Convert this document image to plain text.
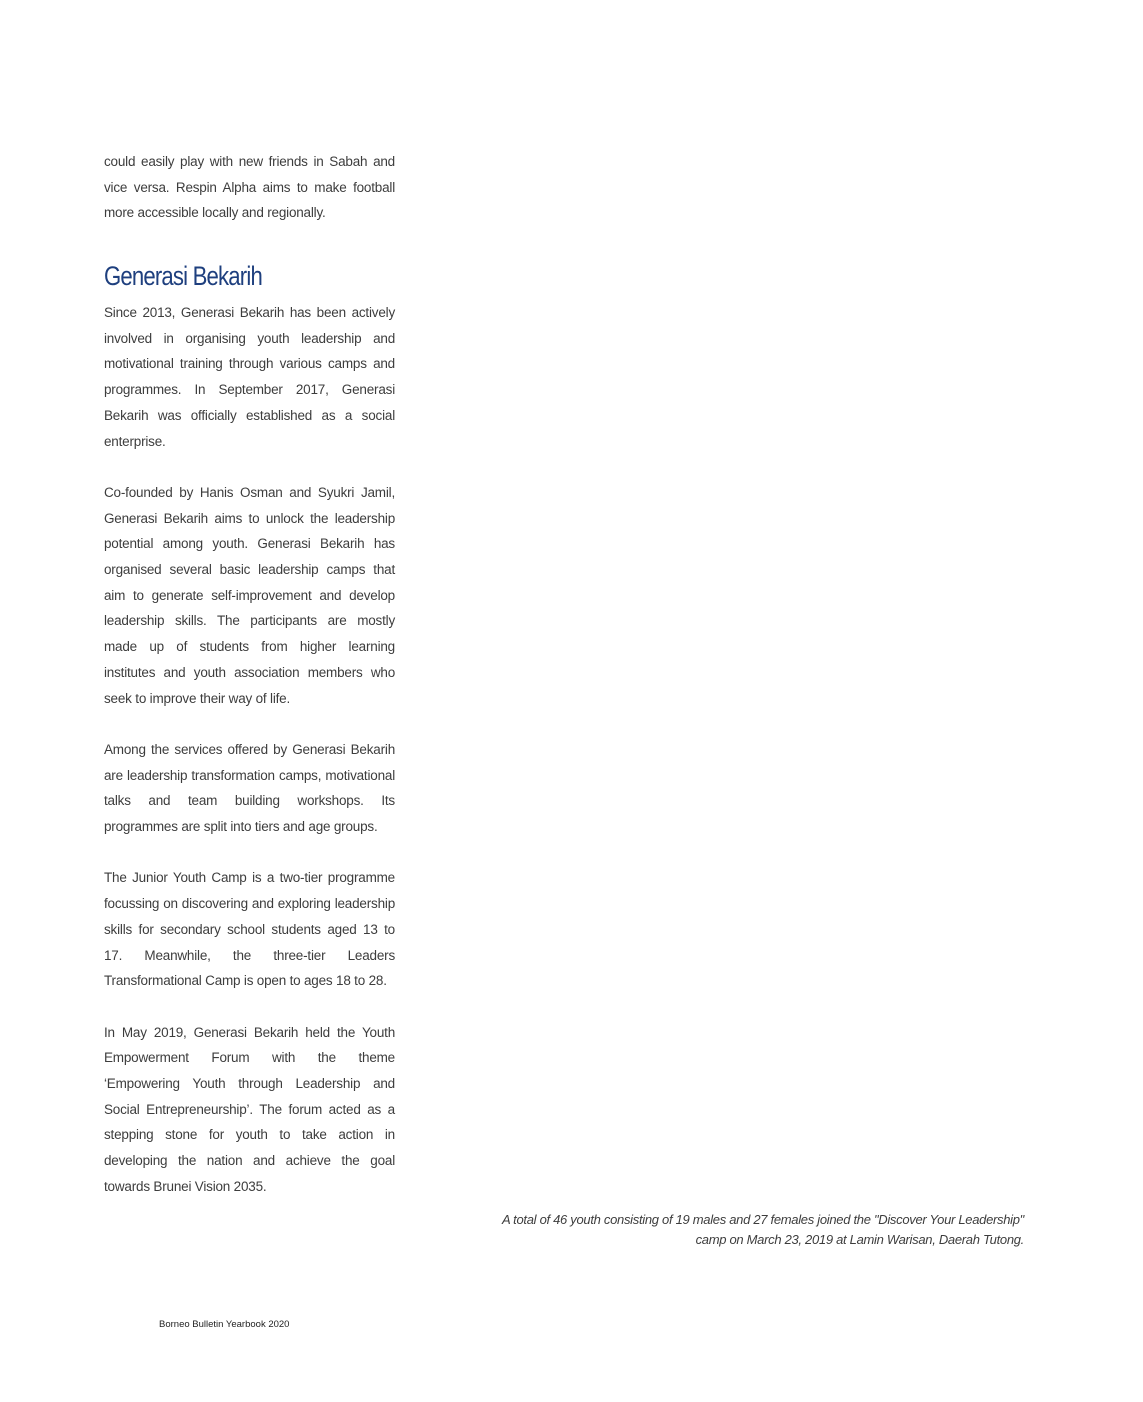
could easily play with new friends in Sabah and vice versa. Respin Alpha aims to make football more accessible locally and regionally.

Generasi Bekarih

Since 2013, Generasi Bekarih has been actively involved in organising youth leadership and motivational training through various camps and programmes. In September 2017, Generasi Bekarih was officially established as a social enterprise.

Co-founded by Hanis Osman and Syukri Jamil, Generasi Bekarih aims to unlock the leadership potential among youth. Generasi Bekarih has organised several basic leadership camps that aim to generate self-improvement and develop leadership skills. The participants are mostly made up of students from higher learning institutes and youth association members who seek to improve their way of life.

Among the services offered by Generasi Bekarih are leadership transformation camps, motivational talks and team building workshops. Its programmes are split into tiers and age groups.

The Junior Youth Camp is a two-tier programme focussing on discovering and exploring leadership skills for secondary school students aged 13 to 17. Meanwhile, the three-tier Leaders Transformational Camp is open to ages 18 to 28.

In May 2019, Generasi Bekarih held the Youth Empowerment Forum with the theme ‘Empowering Youth through Leadership and Social Entrepreneurship’. The forum acted as a stepping stone for youth to take action in developing the nation and achieve the goal towards Brunei Vision 2035.

A total of 46 youth consisting of 19 males and 27 females joined the "Discover Your Leadership"
camp on March 23, 2019 at Lamin Warisan, Daerah Tutong.
Borneo Bulletin Yearbook 2020
